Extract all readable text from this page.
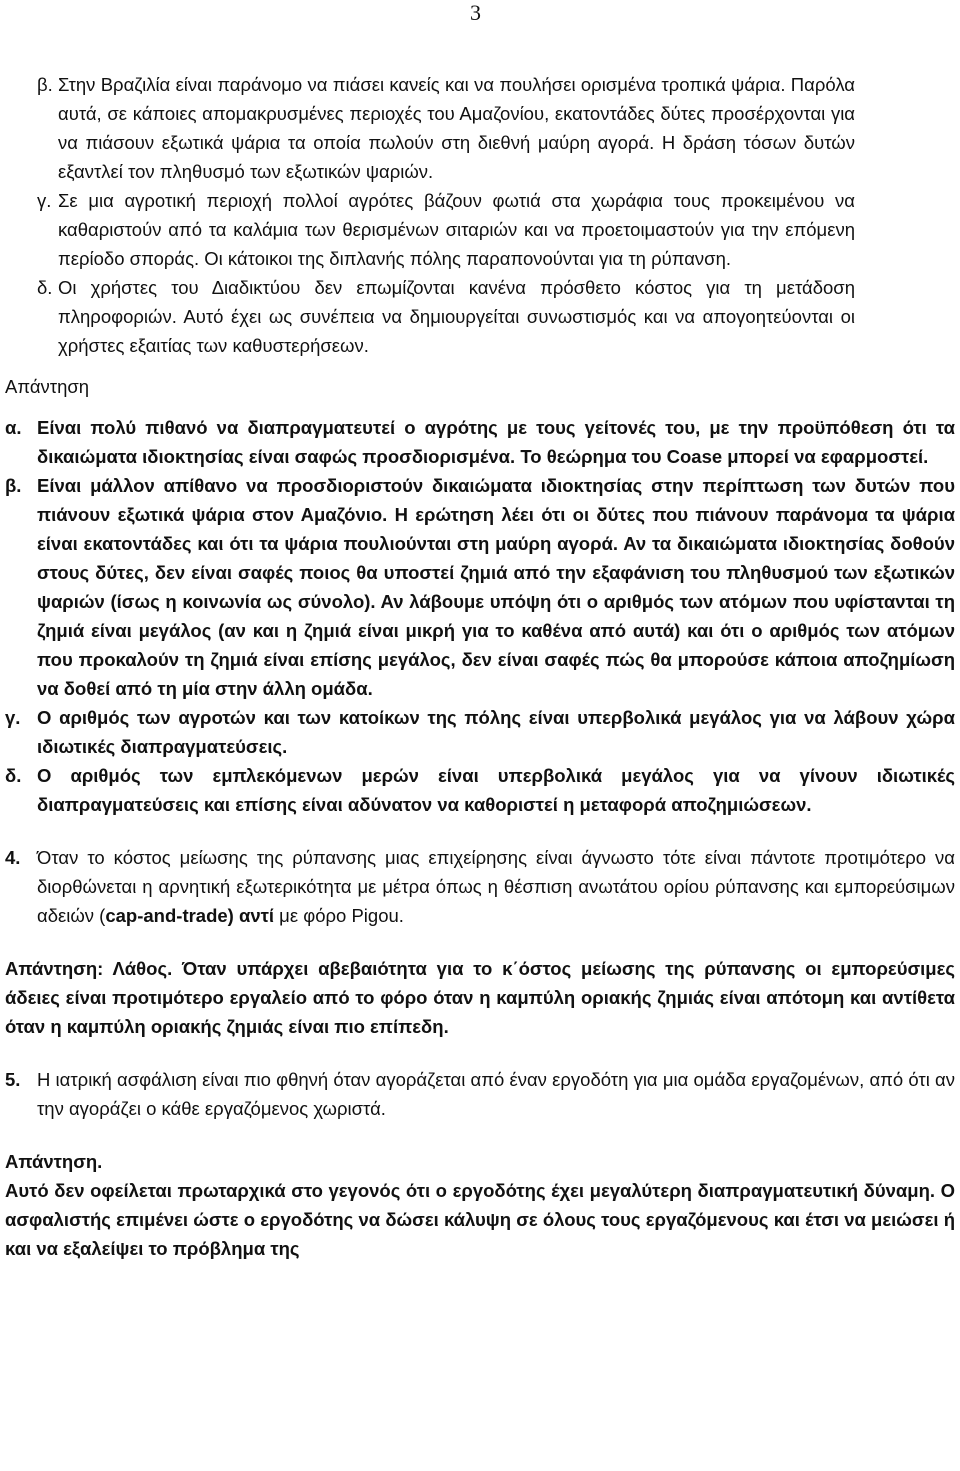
3
β. Στην Βραζιλία είναι παράνομο να πιάσει κανείς και να πουλήσει ορισμένα τροπικά ψάρια. Παρόλα αυτά, σε κάποιες απομακρυσμένες περιοχές του Αμαζονίου, εκατοντάδες δύτες προσέρχονται για να πιάσουν εξωτικά ψάρια τα οποία πωλούν στη διεθνή μαύρη αγορά. Η δράση τόσων δυτών εξαντλεί τον πληθυσμό των εξωτικών ψαριών.
γ. Σε μια αγροτική περιοχή πολλοί αγρότες βάζουν φωτιά στα χωράφια τους προκειμένου να καθαριστούν από τα καλάμια των θερισμένων σιταριών και να προετοιμαστούν για την επόμενη περίοδο σποράς. Οι κάτοικοι της διπλανής πόλης παραπονούνται για τη ρύπανση.
δ. Οι χρήστες του Διαδικτύου δεν επωμίζονται κανένα πρόσθετο κόστος για τη μετάδοση πληροφοριών. Αυτό έχει ως συνέπεια να δημιουργείται συνωστισμός και να απογοητεύονται οι χρήστες εξαιτίας των καθυστερήσεων.

Απάντηση

α. Είναι πολύ πιθανό να διαπραγματευτεί ο αγρότης με τους γείτονές του, με την προϋπόθεση ότι τα δικαιώματα ιδιοκτησίας είναι σαφώς προσδιορισμένα. Το θεώρημα του Coase μπορεί να εφαρμοστεί.
β. Είναι μάλλον απίθανο να προσδιοριστούν δικαιώματα ιδιοκτησίας στην περίπτωση των δυτών που πιάνουν εξωτικά ψάρια στον Αμαζόνιο. Η ερώτηση λέει ότι οι δύτες που πιάνουν παράνομα τα ψάρια είναι εκατοντάδες και ότι τα ψάρια πουλιούνται στη μαύρη αγορά. Αν τα δικαιώματα ιδιοκτησίας δοθούν στους δύτες, δεν είναι σαφές ποιος θα υποστεί ζημιά από την εξαφάνιση του πληθυσμού των εξωτικών ψαριών (ίσως η κοινωνία ως σύνολο). Αν λάβουμε υπόψη ότι ο αριθμός των ατόμων που υφίστανται τη ζημιά είναι μεγάλος (αν και η ζημιά είναι μικρή για το καθένα από αυτά) και ότι ο αριθμός των ατόμων που προκαλούν τη ζημιά είναι επίσης μεγάλος, δεν είναι σαφές πώς θα μπορούσε κάποια αποζημίωση να δοθεί από τη μία στην άλλη ομάδα.
γ. Ο αριθμός των αγροτών και των κατοίκων της πόλης είναι υπερβολικά μεγάλος για να λάβουν χώρα ιδιωτικές διαπραγματεύσεις.
δ. Ο αριθμός των εμπλεκόμενων μερών είναι υπερβολικά μεγάλος για να γίνουν ιδιωτικές διαπραγματεύσεις και επίσης είναι αδύνατον να καθοριστεί η μεταφορά αποζημιώσεων.
4. Όταν το κόστος μείωσης της ρύπανσης μιας επιχείρησης είναι άγνωστο τότε είναι πάντοτε προτιμότερο να διορθώνεται η αρνητική εξωτερικότητα με μέτρα όπως η θέσπιση ανωτάτου ορίου ρύπανσης και εμπορεύσιμων αδειών (cap-and-trade) αντί με φόρο Pigou.

Απάντηση: Λάθος. Όταν υπάρχει αβεβαιότητα για το κ΄όστος μείωσης της ρύπανσης οι εμπορεύσιμες άδειες είναι προτιμότερο εργαλείο από το φόρο όταν η καμπύλη οριακής ζημιάς είναι απότομη και αντίθετα όταν η καμπύλη οριακής ζημιάς είναι πιο επίπεδη.

5. Η ιατρική ασφάλιση είναι πιο φθηνή όταν αγοράζεται από έναν εργοδότη για μια ομάδα εργαζομένων, από ότι αν την αγοράζει ο κάθε εργαζόμενος χωριστά.

Απάντηση.

Αυτό δεν οφείλεται πρωταρχικά στο γεγονός ότι ο εργοδότης έχει μεγαλύτερη διαπραγματευτική δύναμη. Ο ασφαλιστής επιμένει ώστε ο εργοδότης να δώσει κάλυψη σε όλους τους εργαζόμενους και έτσι να μειώσει ή και να εξαλείψει το πρόβλημα της
